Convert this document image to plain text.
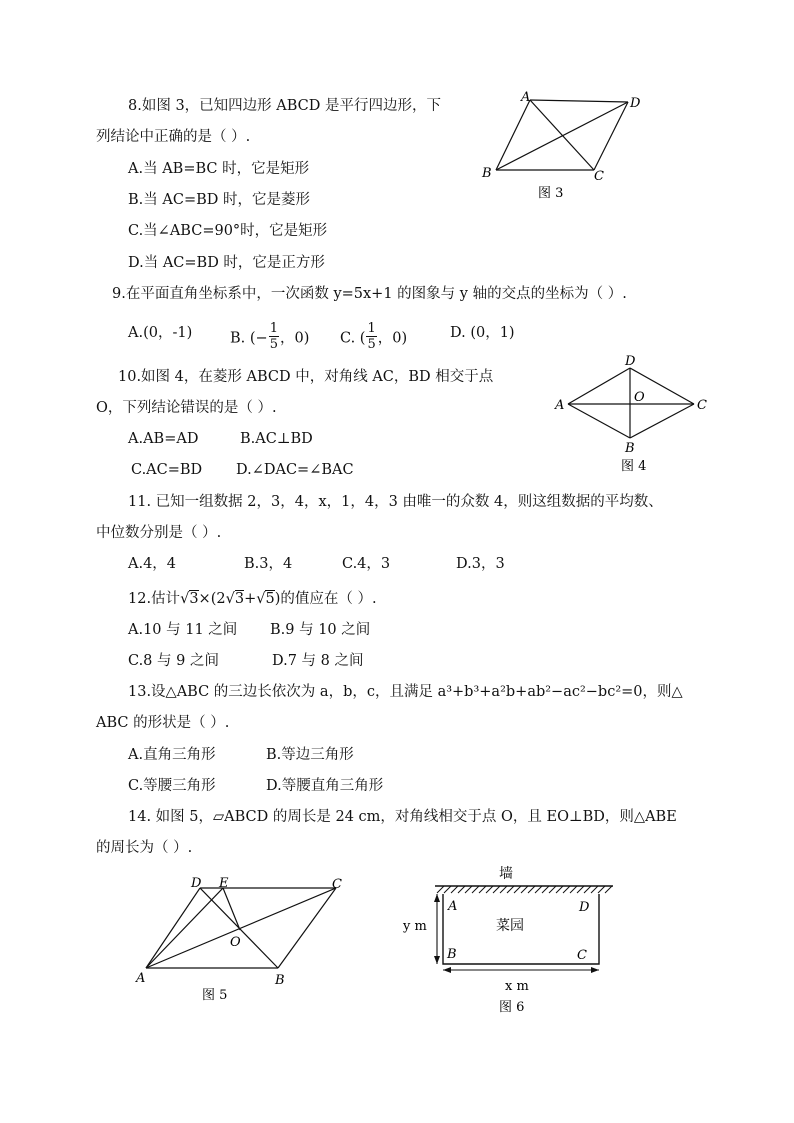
8.如图 3，已知四边形 ABCD 是平行四边形，下
列结论中正确的是（ ）.
A.当 AB=BC 时，它是矩形
B.当 AC=BD 时，它是菱形
C.当∠ABC=90°时，它是矩形
D.当 AC=BD 时，它是正方形
A	D
B	C
图 3
9.在平面直角坐标系中，一次函数 y=5x+1 的图象与 y 轴的交点的坐标为（ ）.
A.(0，-1)	B. (− $\frac{1}{5}$ ，0) C. ( $\frac{1}{5}$ ，0)	D. (0，1)
10.如图 4，在菱形 ABCD 中，对角线 AC，BD 相交于点
O，下列结论错误的是（ ）.
A.AB=AD	B.AC⊥BD
C.AC=BD D.∠DAC=∠BAC
D
A
O
C
B
图 4
11. 已知一组数据 2，3，4，x，1，4，3 由唯一的众数 4，则这组数据的平均数、
中位数分别是（ ）.
A.4，4	B.3，4	C.4，3	D.3，3
12.估计√3×(2√3+√5)的值应在（ ）.
A.10 与 11 之间 B.9 与 10 之间
C.8 与 9 之间	D.7 与 8 之间
13.设△ABC 的三边长依次为 a，b，c，且满足 a³+b³+a²b+ab²−ac²−bc²=0，则△
ABC 的形状是（ ）.
A.直角三角形	B.等边三角形
C.等腰三角形	D.等腰直角三角形
14. 如图 5，▱ABCD 的周长是 24 cm，对角线相交于点 O，且 EO⊥BD，则△ABE
的周长为（ ）.
D E	C
O
A	B
图 5
墙
y m
A	D
B	C
菜园
x m
图 6
